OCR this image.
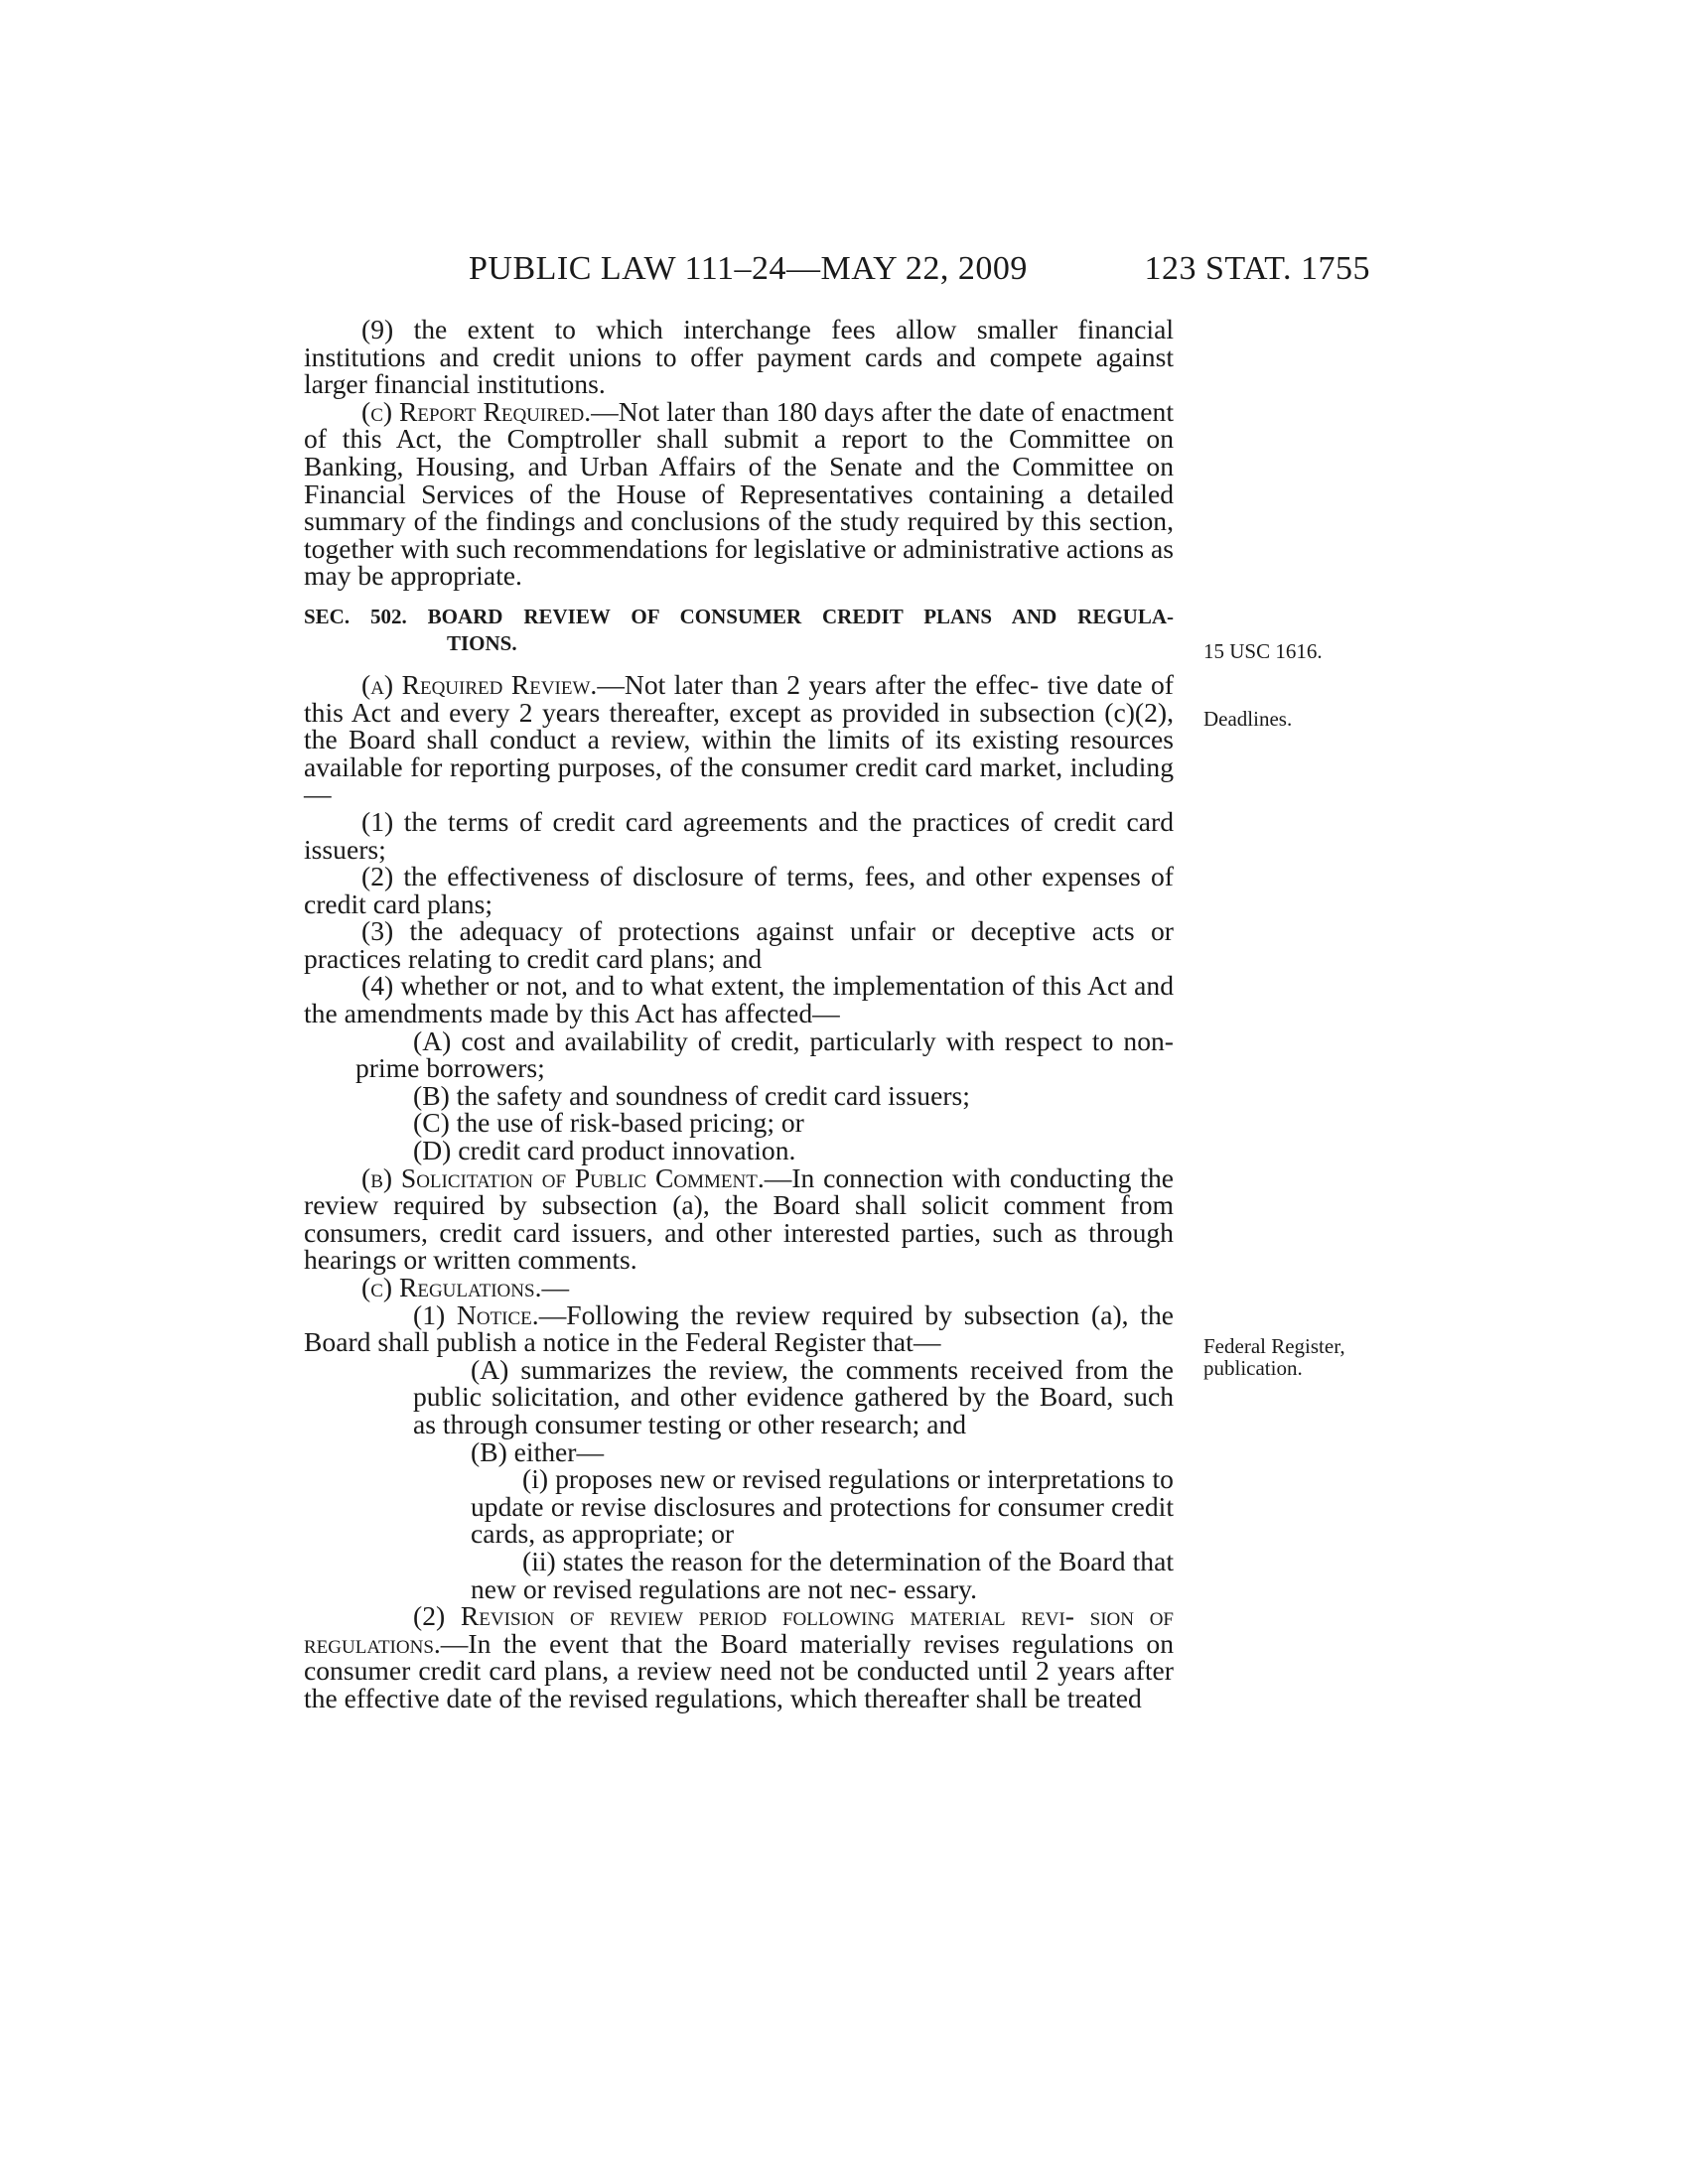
PUBLIC LAW 111–24—MAY 22, 2009	123 STAT. 1755
15 USC 1616.
Deadlines.
Federal Register,
publication.

(9) the extent to which interchange fees allow smaller financial institutions and credit unions to offer payment cards and compete against larger financial institutions.

(c) Report Required.—Not later than 180 days after the date of enactment of this Act, the Comptroller shall submit a report to the Committee on Banking, Housing, and Urban Affairs of the Senate and the Committee on Financial Services of the House of Representatives containing a detailed summary of the findings and conclusions of the study required by this section, together with such recommendations for legislative or administrative actions as may be appropriate.

SEC. 502. BOARD REVIEW OF CONSUMER CREDIT PLANS AND REGULA-
TIONS.

(a) Required Review.—Not later than 2 years after the effec- tive date of this Act and every 2 years thereafter, except as provided in subsection (c)(2), the Board shall conduct a review, within the limits of its existing resources available for reporting purposes, of the consumer credit card market, including—

(1) the terms of credit card agreements and the practices of credit card issuers;

(2) the effectiveness of disclosure of terms, fees, and other expenses of credit card plans;

(3) the adequacy of protections against unfair or deceptive acts or practices relating to credit card plans; and

(4) whether or not, and to what extent, the implementation of this Act and the amendments made by this Act has affected—

(A) cost and availability of credit, particularly with respect to non-prime borrowers;

(B) the safety and soundness of credit card issuers;

(C) the use of risk-based pricing; or

(D) credit card product innovation.

(b) Solicitation of Public Comment.—In connection with conducting the review required by subsection (a), the Board shall solicit comment from consumers, credit card issuers, and other interested parties, such as through hearings or written comments.

(c) Regulations.—

(1) Notice.—Following the review required by subsection (a), the Board shall publish a notice in the Federal Register that—

(A) summarizes the review, the comments received from the public solicitation, and other evidence gathered by the Board, such as through consumer testing or other research; and

(B) either—

(i) proposes new or revised regulations or interpretations to update or revise disclosures and protections for consumer credit cards, as appropriate; or

(ii) states the reason for the determination of the Board that new or revised regulations are not nec- essary.

(2) Revision of review period following material revi- sion of regulations.—In the event that the Board materially revises regulations on consumer credit card plans, a review need not be conducted until 2 years after the effective date of the revised regulations, which thereafter shall be treated
